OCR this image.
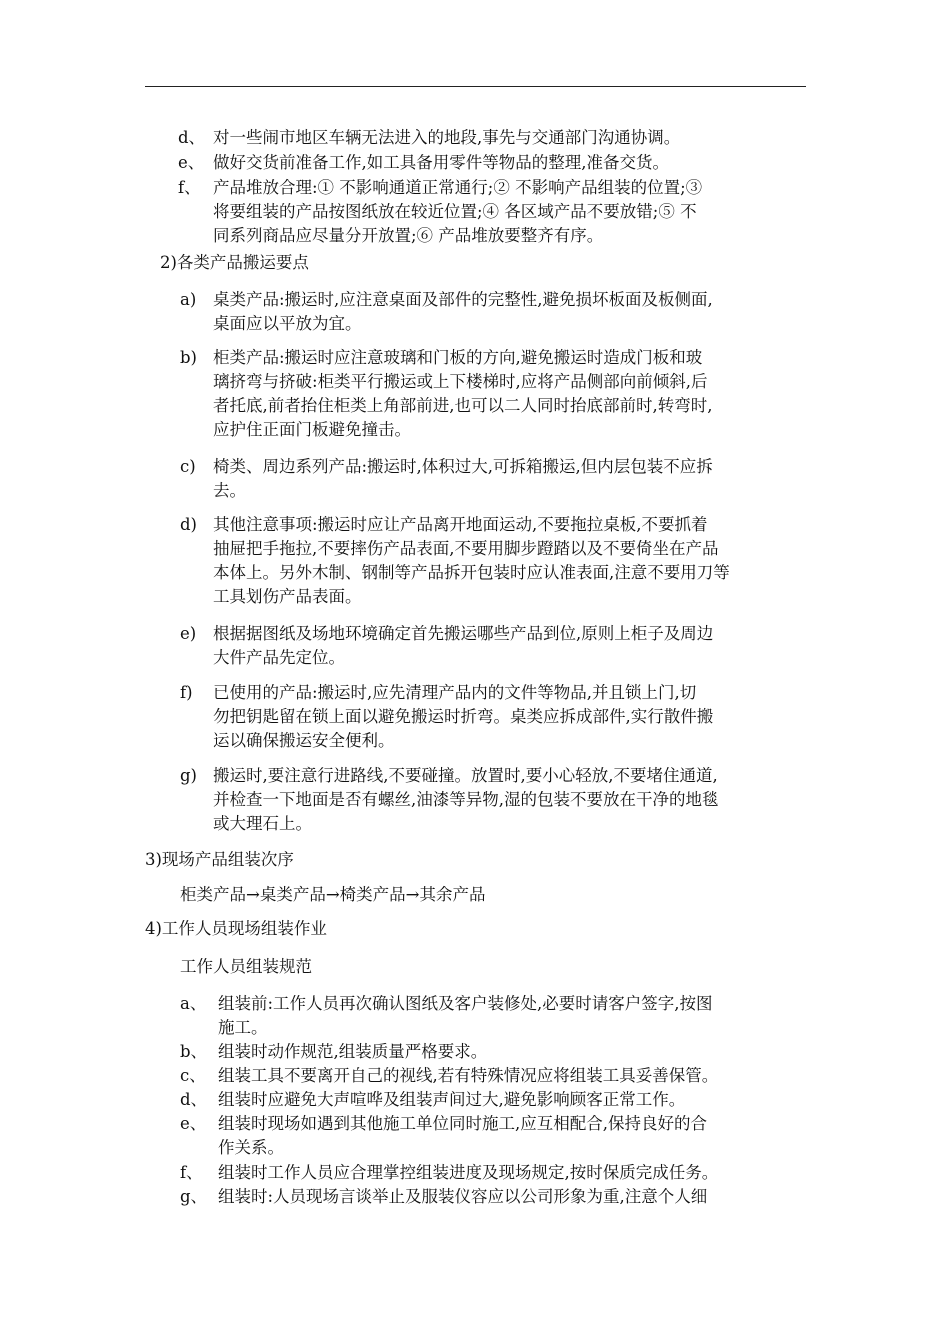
d、 对一些闹市地区车辆无法进入的地段,事先与交通部门沟通协调。
e、 做好交货前准备工作,如工具备用零件等物品的整理,准备交货。
f、 产品堆放合理:① 不影响通道正常通行;② 不影响产品组装的位置;③
将要组装的产品按图纸放在较近位置;④ 各区域产品不要放错;⑤ 不
同系列商品应尽量分开放置;⑥ 产品堆放要整齐有序。
2)各类产品搬运要点
a) 桌类产品:搬运时,应注意桌面及部件的完整性,避免损坏板面及板侧面,
桌面应以平放为宜。
b) 柜类产品:搬运时应注意玻璃和门板的方向,避免搬运时造成门板和玻
璃挤弯与挤破:柜类平行搬运或上下楼梯时,应将产品侧部向前倾斜,后
者托底,前者抬住柜类上角部前进,也可以二人同时抬底部前时,转弯时,
应护住正面门板避免撞击。
c) 椅类、周边系列产品:搬运时,体积过大,可拆箱搬运,但内层包装不应拆
去。
d) 其他注意事项:搬运时应让产品离开地面运动,不要拖拉桌板,不要抓着
抽屉把手拖拉,不要摔伤产品表面,不要用脚步蹬踏以及不要倚坐在产品
本体上。另外木制、钢制等产品拆开包装时应认准表面,注意不要用刀等
工具划伤产品表面。
e) 根据据图纸及场地环境确定首先搬运哪些产品到位,原则上柜子及周边
大件产品先定位。
f) 已使用的产品:搬运时,应先清理产品内的文件等物品,并且锁上门,切
勿把钥匙留在锁上面以避免搬运时折弯。桌类应拆成部件,实行散件搬
运以确保搬运安全便利。
g) 搬运时,要注意行进路线,不要碰撞。放置时,要小心轻放,不要堵住通道,
并检查一下地面是否有螺丝,油漆等异物,湿的包装不要放在干净的地毯
或大理石上。
3)现场产品组装次序
柜类产品→桌类产品→椅类产品→其余产品
4)工作人员现场组装作业
工作人员组装规范
a、 组装前:工作人员再次确认图纸及客户装修处,必要时请客户签字,按图
施工。
b、 组装时动作规范,组装质量严格要求。
c、 组装工具不要离开自己的视线,若有特殊情况应将组装工具妥善保管。
d、 组装时应避免大声喧哗及组装声间过大,避免影响顾客正常工作。
e、 组装时现场如遇到其他施工单位同时施工,应互相配合,保持良好的合
作关系。
f、 组装时工作人员应合理掌控组装进度及现场规定,按时保质完成任务。
g、 组装时:人员现场言谈举止及服装仪容应以公司形象为重,注意个人细
